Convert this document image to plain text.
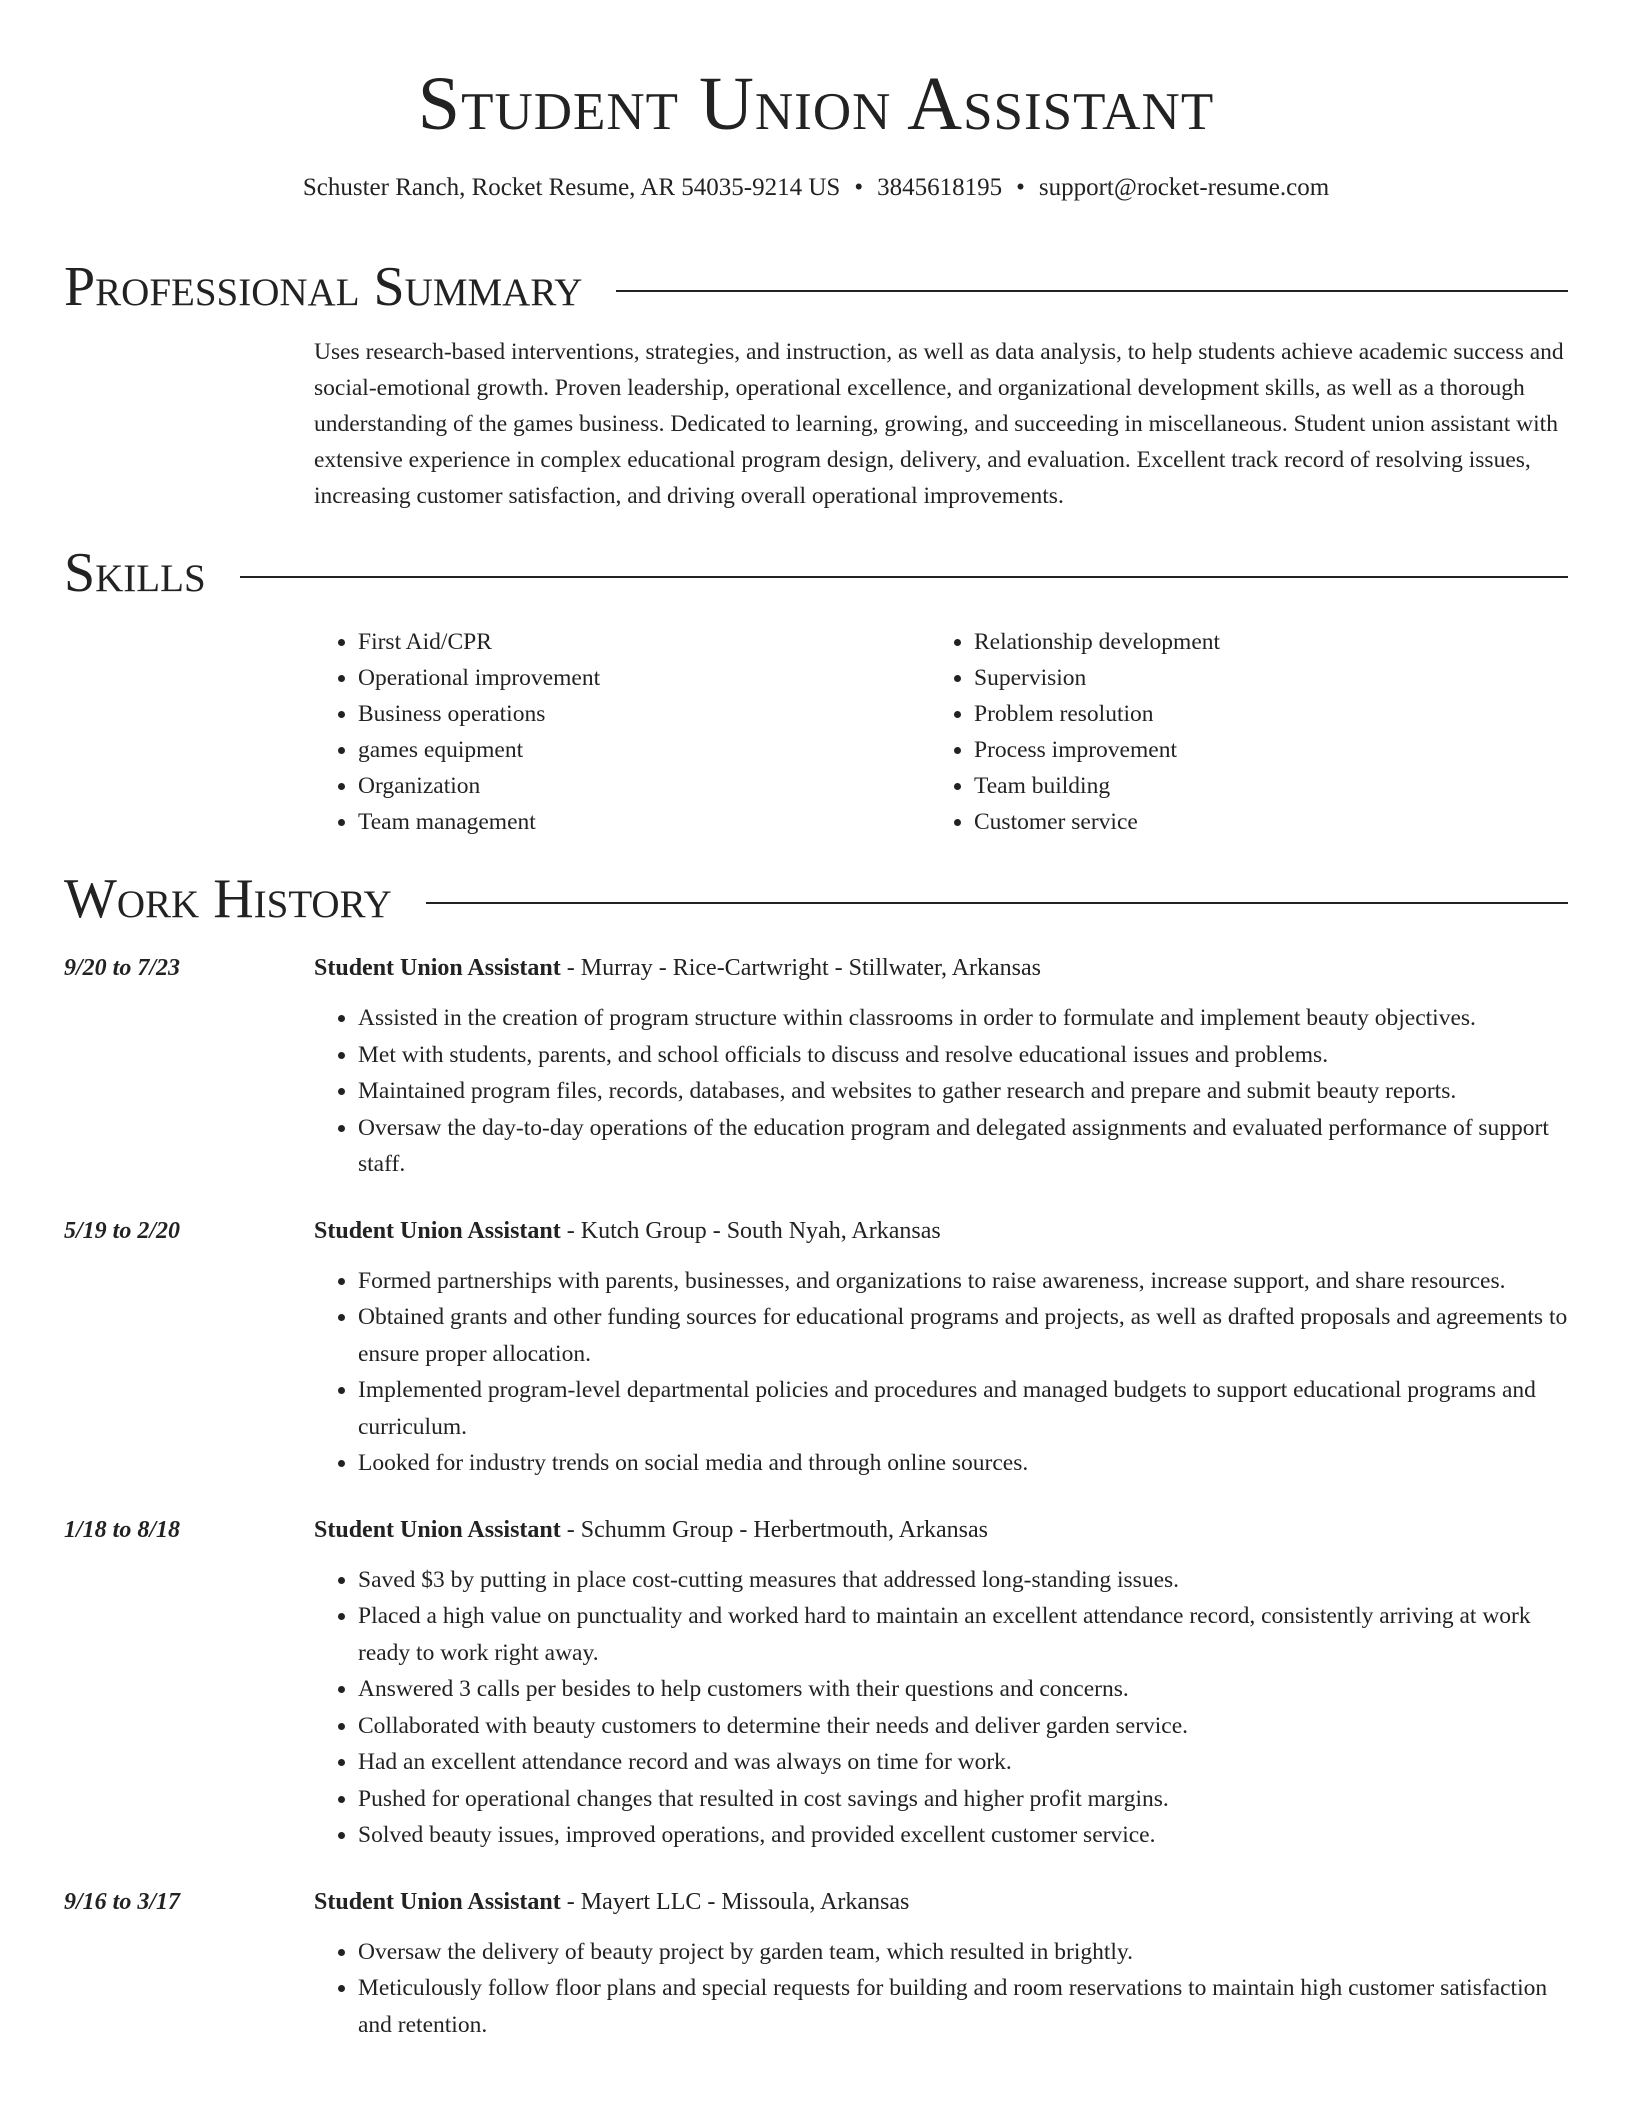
Student Union Assistant
Schuster Ranch, Rocket Resume, AR 54035-9214 US • 3845618195 • support@rocket-resume.com
Professional Summary
Uses research-based interventions, strategies, and instruction, as well as data analysis, to help students achieve academic success and social-emotional growth. Proven leadership, operational excellence, and organizational development skills, as well as a thorough understanding of the games business. Dedicated to learning, growing, and succeeding in miscellaneous. Student union assistant with extensive experience in complex educational program design, delivery, and evaluation. Excellent track record of resolving issues, increasing customer satisfaction, and driving overall operational improvements.
Skills
• First Aid/CPR
• Operational improvement
• Business operations
• games equipment
• Organization
• Team management
• Relationship development
• Supervision
• Problem resolution
• Process improvement
• Team building
• Customer service
Work History
9/20 to 7/23	Student Union Assistant - Murray - Rice-Cartwright - Stillwater, Arkansas
• Assisted in the creation of program structure within classrooms in order to formulate and implement beauty objectives.
• Met with students, parents, and school officials to discuss and resolve educational issues and problems.
• Maintained program files, records, databases, and websites to gather research and prepare and submit beauty reports.
• Oversaw the day-to-day operations of the education program and delegated assignments and evaluated performance of support staff.
5/19 to 2/20	Student Union Assistant - Kutch Group - South Nyah, Arkansas
• Formed partnerships with parents, businesses, and organizations to raise awareness, increase support, and share resources.
• Obtained grants and other funding sources for educational programs and projects, as well as drafted proposals and agreements to ensure proper allocation.
• Implemented program-level departmental policies and procedures and managed budgets to support educational programs and curriculum.
• Looked for industry trends on social media and through online sources.
1/18 to 8/18	Student Union Assistant - Schumm Group - Herbertmouth, Arkansas
• Saved $3 by putting in place cost-cutting measures that addressed long-standing issues.
• Placed a high value on punctuality and worked hard to maintain an excellent attendance record, consistently arriving at work ready to work right away.
• Answered 3 calls per besides to help customers with their questions and concerns.
• Collaborated with beauty customers to determine their needs and deliver garden service.
• Had an excellent attendance record and was always on time for work.
• Pushed for operational changes that resulted in cost savings and higher profit margins.
• Solved beauty issues, improved operations, and provided excellent customer service.
9/16 to 3/17	Student Union Assistant - Mayert LLC - Missoula, Arkansas
• Oversaw the delivery of beauty project by garden team, which resulted in brightly.
• Meticulously follow floor plans and special requests for building and room reservations to maintain high customer satisfaction and retention.
